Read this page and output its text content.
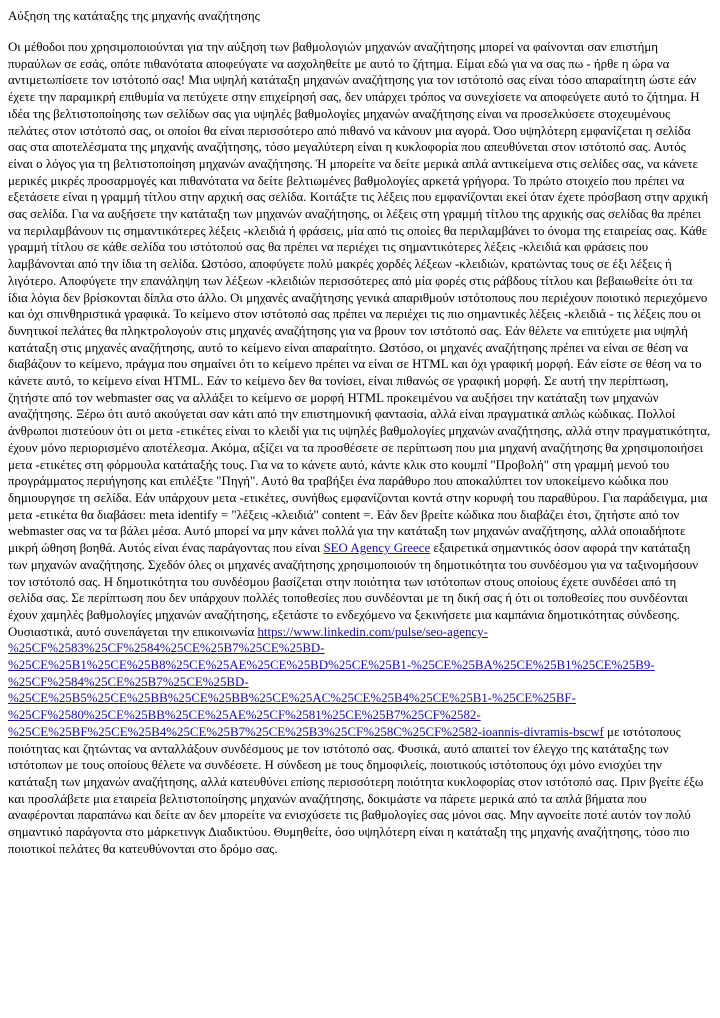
Αύξηση της κατάταξης της μηχανής αναζήτησης

Οι μέθοδοι που χρησιμοποιούνται για την αύξηση των βαθμολογιών μηχανών αναζήτησης μπορεί να φαίνονται σαν επιστήμη πυραύλων σε εσάς, οπότε πιθανότατα αποφεύγατε να ασχοληθείτε με αυτό το ζήτημα. Είμαι εδώ για να σας πω - ήρθε η ώρα να αντιμετωπίσετε τον ιστότοπό σας! Μια υψηλή κατάταξη μηχανών αναζήτησης για τον ιστότοπό σας είναι τόσο απαραίτητη ώστε εάν έχετε την παραμικρή επιθυμία να πετύχετε στην επιχείρησή σας, δεν υπάρχει τρόπος να συνεχίσετε να αποφεύγετε αυτό το ζήτημα. Η ιδέα της βελτιστοποίησης των σελίδων σας για υψηλές βαθμολογίες μηχανών αναζήτησης είναι να προσελκύσετε στοχευμένους πελάτες στον ιστότοπό σας, οι οποίοι θα είναι περισσότερο από πιθανό να κάνουν μια αγορά. Όσο υψηλότερη εμφανίζεται η σελίδα σας στα αποτελέσματα της μηχανής αναζήτησης, τόσο μεγαλύτερη είναι η κυκλοφορία που απευθύνεται στον ιστότοπό σας. Αυτός είναι ο λόγος για τη βελτιστοποίηση μηχανών αναζήτησης. Ή μπορείτε να δείτε μερικά απλά αντικείμενα στις σελίδες σας, να κάνετε μερικές μικρές προσαρμογές και πιθανότατα να δείτε βελτιωμένες βαθμολογίες αρκετά γρήγορα. Το πρώτο στοιχείο που πρέπει να εξετάσετε είναι η γραμμή τίτλου στην αρχική σας σελίδα. Κοιτάξτε τις λέξεις που εμφανίζονται εκεί όταν έχετε πρόσβαση στην αρχική σας σελίδα. Για να αυξήσετε την κατάταξη των μηχανών αναζήτησης, οι λέξεις στη γραμμή τίτλου της αρχικής σας σελίδας θα πρέπει να περιλαμβάνουν τις σημαντικότερες λέξεις -κλειδιά ή φράσεις, μία από τις οποίες θα περιλαμβάνει το όνομα της εταιρείας σας. Κάθε γραμμή τίτλου σε κάθε σελίδα του ιστότοπού σας θα πρέπει να περιέχει τις σημαντικότερες λέξεις -κλειδιά και φράσεις που λαμβάνονται από την ίδια τη σελίδα. Ωστόσο, αποφύγετε πολύ μακρές χορδές λέξεων -κλειδιών, κρατώντας τους σε έξι λέξεις ή λιγότερο. Αποφύγετε την επανάληψη των λέξεων -κλειδιών περισσότερες από μία φορές στις ράβδους τίτλου και βεβαιωθείτε ότι τα ίδια λόγια δεν βρίσκονται δίπλα στο άλλο. Οι μηχανές αναζήτησης γενικά απαριθμούν ιστότοπους που περιέχουν ποιοτικό περιεχόμενο και όχι σπινθηριστικά γραφικά. Το κείμενο στον ιστότοπό σας πρέπει να περιέχει τις πιο σημαντικές λέξεις -κλειδιά - τις λέξεις που οι δυνητικοί πελάτες θα πληκτρολογούν στις μηχανές αναζήτησης για να βρουν τον ιστότοπό σας. Εάν θέλετε να επιτύχετε μια υψηλή κατάταξη στις μηχανές αναζήτησης, αυτό το κείμενο είναι απαραίτητο. Ωστόσο, οι μηχανές αναζήτησης πρέπει να είναι σε θέση να διαβάζουν το κείμενο, πράγμα που σημαίνει ότι το κείμενο πρέπει να είναι σε HTML και όχι γραφική μορφή. Εάν είστε σε θέση να το κάνετε αυτό, το κείμενο είναι HTML. Εάν το κείμενο δεν θα τονίσει, είναι πιθανώς σε γραφική μορφή. Σε αυτή την περίπτωση, ζητήστε από τον webmaster σας να αλλάξει το κείμενο σε μορφή HTML προκειμένου να αυξήσει την κατάταξη των μηχανών αναζήτησης. Ξέρω ότι αυτό ακούγεται σαν κάτι από την επιστημονική φαντασία, αλλά είναι πραγματικά απλώς κώδικας. Πολλοί άνθρωποι πιστεύουν ότι οι μετα -ετικέτες είναι το κλειδί για τις υψηλές βαθμολογίες μηχανών αναζήτησης, αλλά στην πραγματικότητα, έχουν μόνο περιορισμένο αποτέλεσμα. Ακόμα, αξίζει να τα προσθέσετε σε περίπτωση που μια μηχανή αναζήτησης θα χρησιμοποιήσει μετα -ετικέτες στη φόρμουλα κατάταξής τους. Για να το κάνετε αυτό, κάντε κλικ στο κουμπί "Προβολή" στη γραμμή μενού του προγράμματος περιήγησης και επιλέξτε "Πηγή". Αυτό θα τραβήξει ένα παράθυρο που αποκαλύπτει τον υποκείμενο κώδικα που δημιουργησε τη σελίδα. Εάν υπάρχουν μετα -ετικέτες, συνήθως εμφανίζονται κοντά στην κορυφή του παραθύρου. Για παράδειγμα, μια μετα -ετικέτα θα διαβάσει: meta identify = "λέξεις -κλειδιά" content =. Εάν δεν βρείτε κώδικα που διαβάζει έτσι, ζητήστε από τον webmaster σας να τα βάλει μέσα. Αυτό μπορεί να μην κάνει πολλά για την κατάταξη των μηχανών αναζήτησης, αλλά οποιαδήποτε μικρή ώθηση βοηθά. Αυτός είναι ένας παράγοντας που είναι SEO Agency Greece εξαιρετικά σημαντικός όσον αφορά την κατάταξη των μηχανών αναζήτησης. Σχεδόν όλες οι μηχανές αναζήτησης χρησιμοποιούν τη δημοτικότητα του συνδέσμου για να ταξινομήσουν τον ιστότοπό σας. Η δημοτικότητα του συνδέσμου βασίζεται στην ποιότητα των ιστότοπων στους οποίους έχετε συνδέσει από τη σελίδα σας. Σε περίπτωση που δεν υπάρχουν πολλές τοποθεσίες που συνδέονται με τη δική σας ή ότι οι τοποθεσίες που συνδέονται έχουν χαμηλές βαθμολογίες μηχανών αναζήτησης, εξετάστε το ενδεχόμενο να ξεκινήσετε μια καμπάνια δημοτικότητας σύνδεσης. Ουσιαστικά, αυτό συνεπάγεται την επικοινωνία https://www.linkedin.com/pulse/seo-agency-%25CF%2583%25CF%2584%25CE%25B7%25CE%25BD-%25CE%25B1%25CE%25B8%25CE%25AE%25CE%25BD%25CE%25B1-%25CE%25BA%25CE%25B1%25CE%25B9-%25CF%2584%25CE%25B7%25CE%25BD-%25CE%25B5%25CE%25BB%25CE%25BB%25CE%25AC%25CE%25B4%25CE%25B1-%25CE%25BF-%25CF%2580%25CE%25BB%25CE%25AE%25CF%2581%25CE%25B7%25CF%2582-%25CE%25BF%25CE%25B4%25CE%25B7%25CE%25B3%25CF%258C%25CF%2582-ioannis-divramis-bscwf με ιστότοπους ποιότητας και ζητώντας να ανταλλάξουν συνδέσμους με τον ιστότοπό σας. Φυσικά, αυτό απαιτεί τον έλεγχο της κατάταξης των ιστότοπων με τους οποίους θέλετε να συνδέσετε. Η σύνδεση με τους δημοφιλείς, ποιοτικούς ιστότοπους όχι μόνο ενισχύει την κατάταξη των μηχανών αναζήτησης, αλλά κατευθύνει επίσης περισσότερη ποιότητα κυκλοφορίας στον ιστότοπό σας. Πριν βγείτε έξω και προσλάβετε μια εταιρεία βελτιστοποίησης μηχανών αναζήτησης, δοκιμάστε να πάρετε μερικά από τα απλά βήματα που αναφέρονται παραπάνω και δείτε αν δεν μπορείτε να ενισχύσετε τις βαθμολογίες σας μόνοι σας. Μην αγνοείτε ποτέ αυτόν τον πολύ σημαντικό παράγοντα στο μάρκετινγκ Διαδικτύου. Θυμηθείτε, όσο υψηλότερη είναι η κατάταξη της μηχανής αναζήτησης, τόσο πιο ποιοτικοί πελάτες θα κατευθύνονται στο δρόμο σας.
